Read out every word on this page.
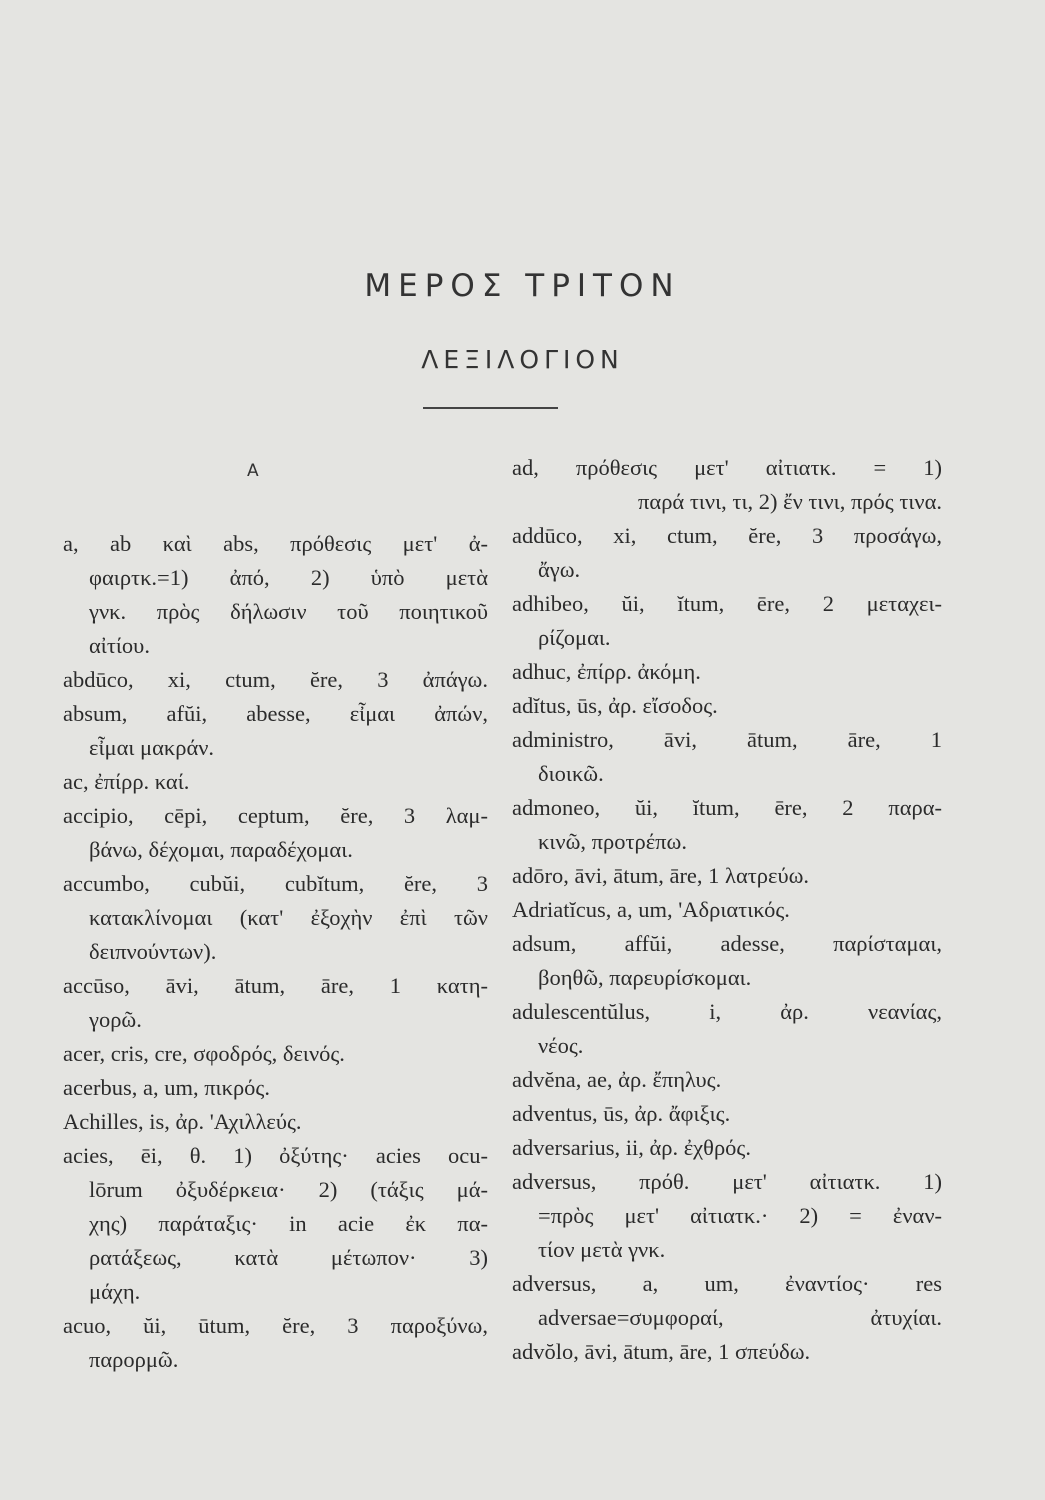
ΜΕΡΟΣ ΤΡΙΤΟΝ
ΛΕΞΙΛΟΓΙΟΝ
Α
a, ab καὶ abs, πρόθεσις μετ' ἀ-
φαιρτκ.=1) ἀπό, 2) ὑπὸ μετὰ
γνκ. πρὸς δήλωσιν τοῦ ποιητικοῦ
αἰτίου.
abdūco, xi, ctum, ĕre, 3 ἀπάγω.
absum, afŭi, abesse, εἶμαι ἀπών,
εἶμαι μακράν.
ac, ἐπίρρ. καί.
accipio, cēpi, ceptum, ĕre, 3 λαμ-
βάνω, δέχομαι, παραδέχομαι.
accumbo, cubŭi, cubĭtum, ĕre, 3
κατακλίνομαι (κατ' ἐξοχὴν ἐπὶ τῶν
δειπνούντων).
accūso, āvi, ātum, āre, 1 κατη-
γορῶ.
acer, cris, cre, σφοδρός, δεινός.
acerbus, a, um, πικρός.
Achilles, is, ἀρ. 'Αχιλλεύς.
acies, ēi, θ. 1) ὀξύτης· acies ocu-
lōrum ὀξυδέρκεια· 2) (τάξις μά-
χης) παράταξις· in acie ἐκ πα-
ρατάξεως, κατὰ μέτωπον· 3)
μάχη.
acuo, ŭi, ūtum, ĕre, 3 παροξύνω,
παρορμῶ.
ad, πρόθεσις μετ' αἰτιατκ. = 1)
παρά τινι, τι, 2) ἔν τινι, πρός τινα.
addūco, xi, ctum, ĕre, 3 προσάγω,
ἄγω.
adhibeo, ŭi, ĭtum, ēre, 2 μεταχει-
ρίζομαι.
adhuc, ἐπίρρ. ἀκόμη.
adĭtus, ūs, ἀρ. εἴσοδος.
administro, āvi, ātum, āre, 1
διοικῶ.
admoneo, ŭi, ĭtum, ēre, 2 παρα-
κινῶ, προτρέπω.
adōro, āvi, ātum, āre, 1 λατρεύω.
Adriatĭcus, a, um, 'Αδριατικός.
adsum, affŭi, adesse, παρίσταμαι,
βοηθῶ, παρευρίσκομαι.
adulescentŭlus, i, ἀρ. νεανίας,
νέος.
advĕna, ae, ἀρ. ἔπηλυς.
adventus, ūs, ἀρ. ἄφιξις.
adversarius, ii, ἀρ. ἐχθρός.
adversus, πρόθ. μετ' αἰτιατκ. 1)
=πρὸς μετ' αἰτιατκ.· 2) = ἐναν-
τίον μετὰ γνκ.
adversus, a, um, ἐναντίος· res
adversae=συμφοραί, ἀτυχίαι.
advŏlo, āvi, ātum, āre, 1 σπεύδω.
